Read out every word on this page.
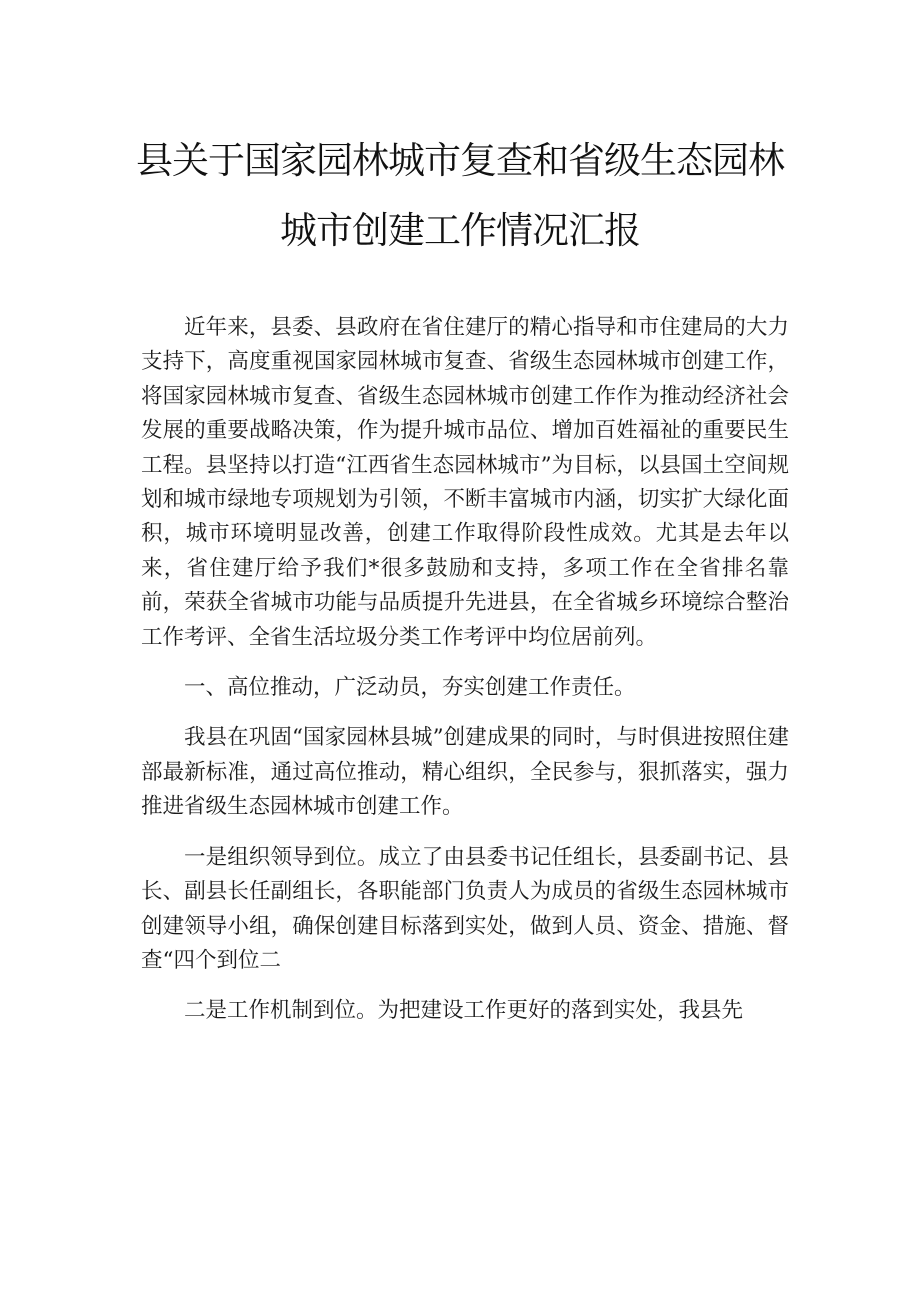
县关于国家园林城市复查和省级生态园林
城市创建工作情况汇报

近年来，县委、县政府在省住建厅的精心指导和市住建局的大力支持下，高度重视国家园林城市复查、省级生态园林城市创建工作，将国家园林城市复查、省级生态园林城市创建工作作为推动经济社会发展的重要战略决策，作为提升城市品位、增加百姓福祉的重要民生工程。县坚持以打造“江西省生态园林城市”为目标，以县国土空间规划和城市绿地专项规划为引领，不断丰富城市内涵，切实扩大绿化面积，城市环境明显改善，创建工作取得阶段性成效。尤其是去年以来，省住建厅给予我们*很多鼓励和支持，多项工作在全省排名靠前，荣获全省城市功能与品质提升先进县，在全省城乡环境综合整治工作考评、全省生活垃圾分类工作考评中均位居前列。

一、高位推动，广泛动员，夯实创建工作责任。

我县在巩固“国家园林县城”创建成果的同时，与时俱进按照住建部最新标准，通过高位推动，精心组织，全民参与，狠抓落实，强力推进省级生态园林城市创建工作。

一是组织领导到位。成立了由县委书记任组长，县委副书记、县长、副县长任副组长，各职能部门负责人为成员的省级生态园林城市创建领导小组，确保创建目标落到实处，做到人员、资金、措施、督查“四个到位二

二是工作机制到位。为把建设工作更好的落到实处，我县先
